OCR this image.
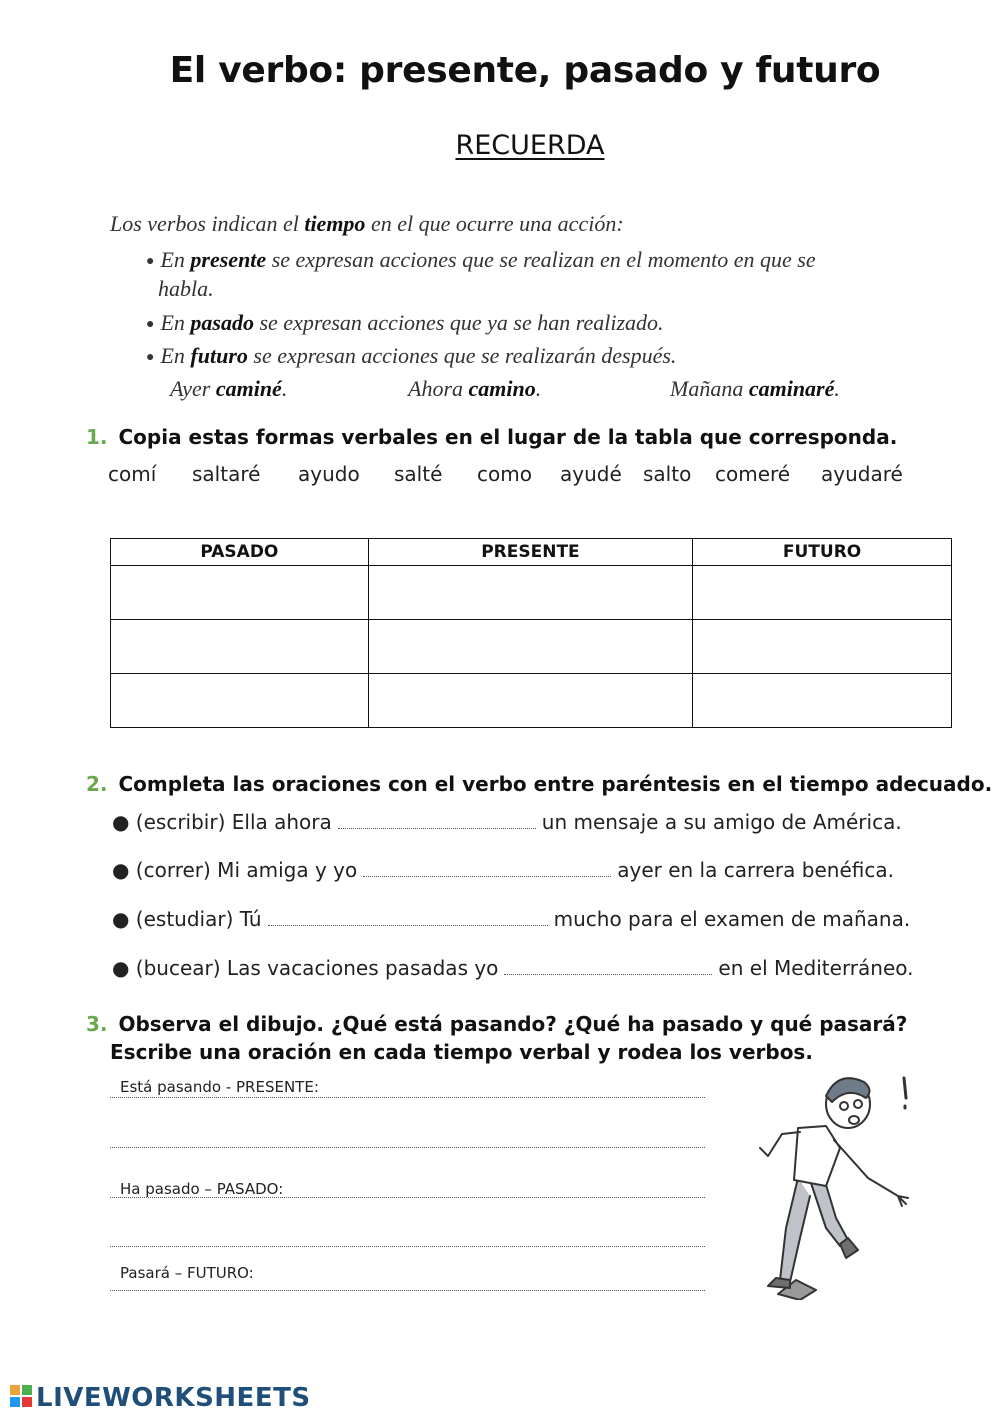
El verbo: presente, pasado y futuro
RECUERDA
Los verbos indican el tiempo en el que ocurre una acción:
● En presente se expresan acciones que se realizan en el momento en que se
habla.
● En pasado se expresan acciones que ya se han realizado.
● En futuro se expresan acciones que se realizarán después.
Ayer caminé.	Ahora camino.	Mañana caminaré.
1. Copia estas formas verbales en el lugar de la tabla que corresponda.
comí saltaré ayudo salté como ayudé salto comeré ayudaré
PASADO	PRESENTE	FUTURO

2. Completa las oraciones con el verbo entre paréntesis en el tiempo adecuado.
● (escribir) Ella ahora	un mensaje a su amigo de América.
● (correr) Mi amiga y yo	ayer en la carrera benéfica.
● (estudiar) Tú	mucho para el examen de mañana.
● (bucear) Las vacaciones pasadas yo	en el Mediterráneo.
3. Observa el dibujo. ¿Qué está pasando? ¿Qué ha pasado y qué pasará?
Escribe una oración en cada tiempo verbal y rodea los verbos.
Está pasando - PRESENTE:
Ha pasado – PASADO:
Pasará – FUTURO:
LIVEWORKSHEETS
